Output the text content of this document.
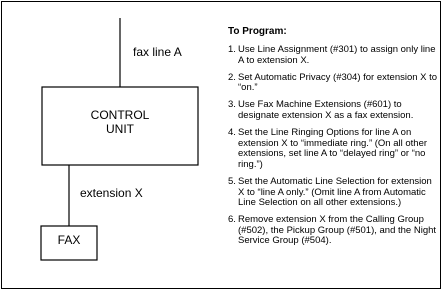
fax line A
CONTROL
UNIT
extension X
FAX
To Program:
1. Use Line Assignment (#301) to assign only line A to extension X.
2. Set Automatic Privacy (#304) for extension X to “on.”
3. Use Fax Machine Extensions (#601) to designate extension X as a fax extension.
4. Set the Line Ringing Options for line A on extension X to “immediate ring.” (On all other extensions, set line A to “delayed ring” or “no ring.”)
5. Set the Automatic Line Selection for extension X to “line A only.” (Omit line A from Automatic Line Selection on all other extensions.)
6. Remove extension X from the Calling Group (#502), the Pickup Group (#501), and the Night Service Group (#504).
